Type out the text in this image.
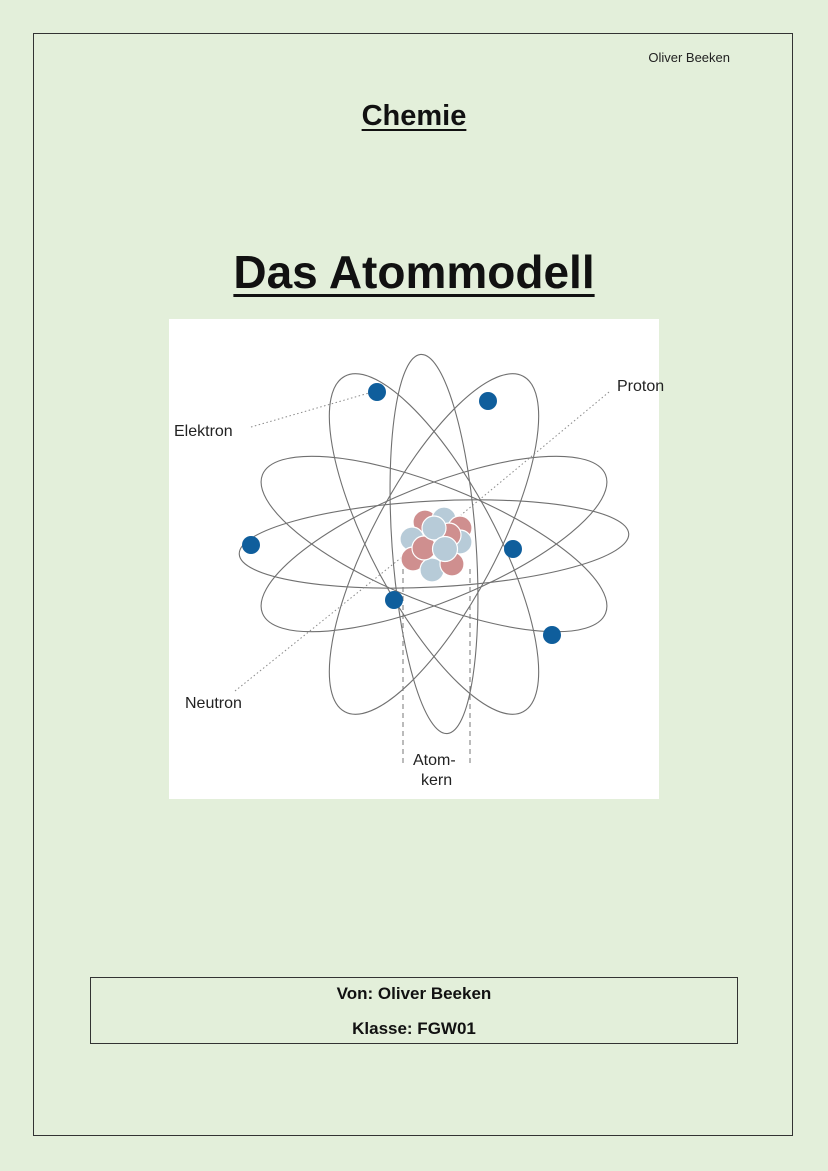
Oliver Beeken
Chemie
Das Atommodell
Elektron
Proton
Neutron
Atom-
kern
Von: Oliver Beeken
Klasse: FGW01
